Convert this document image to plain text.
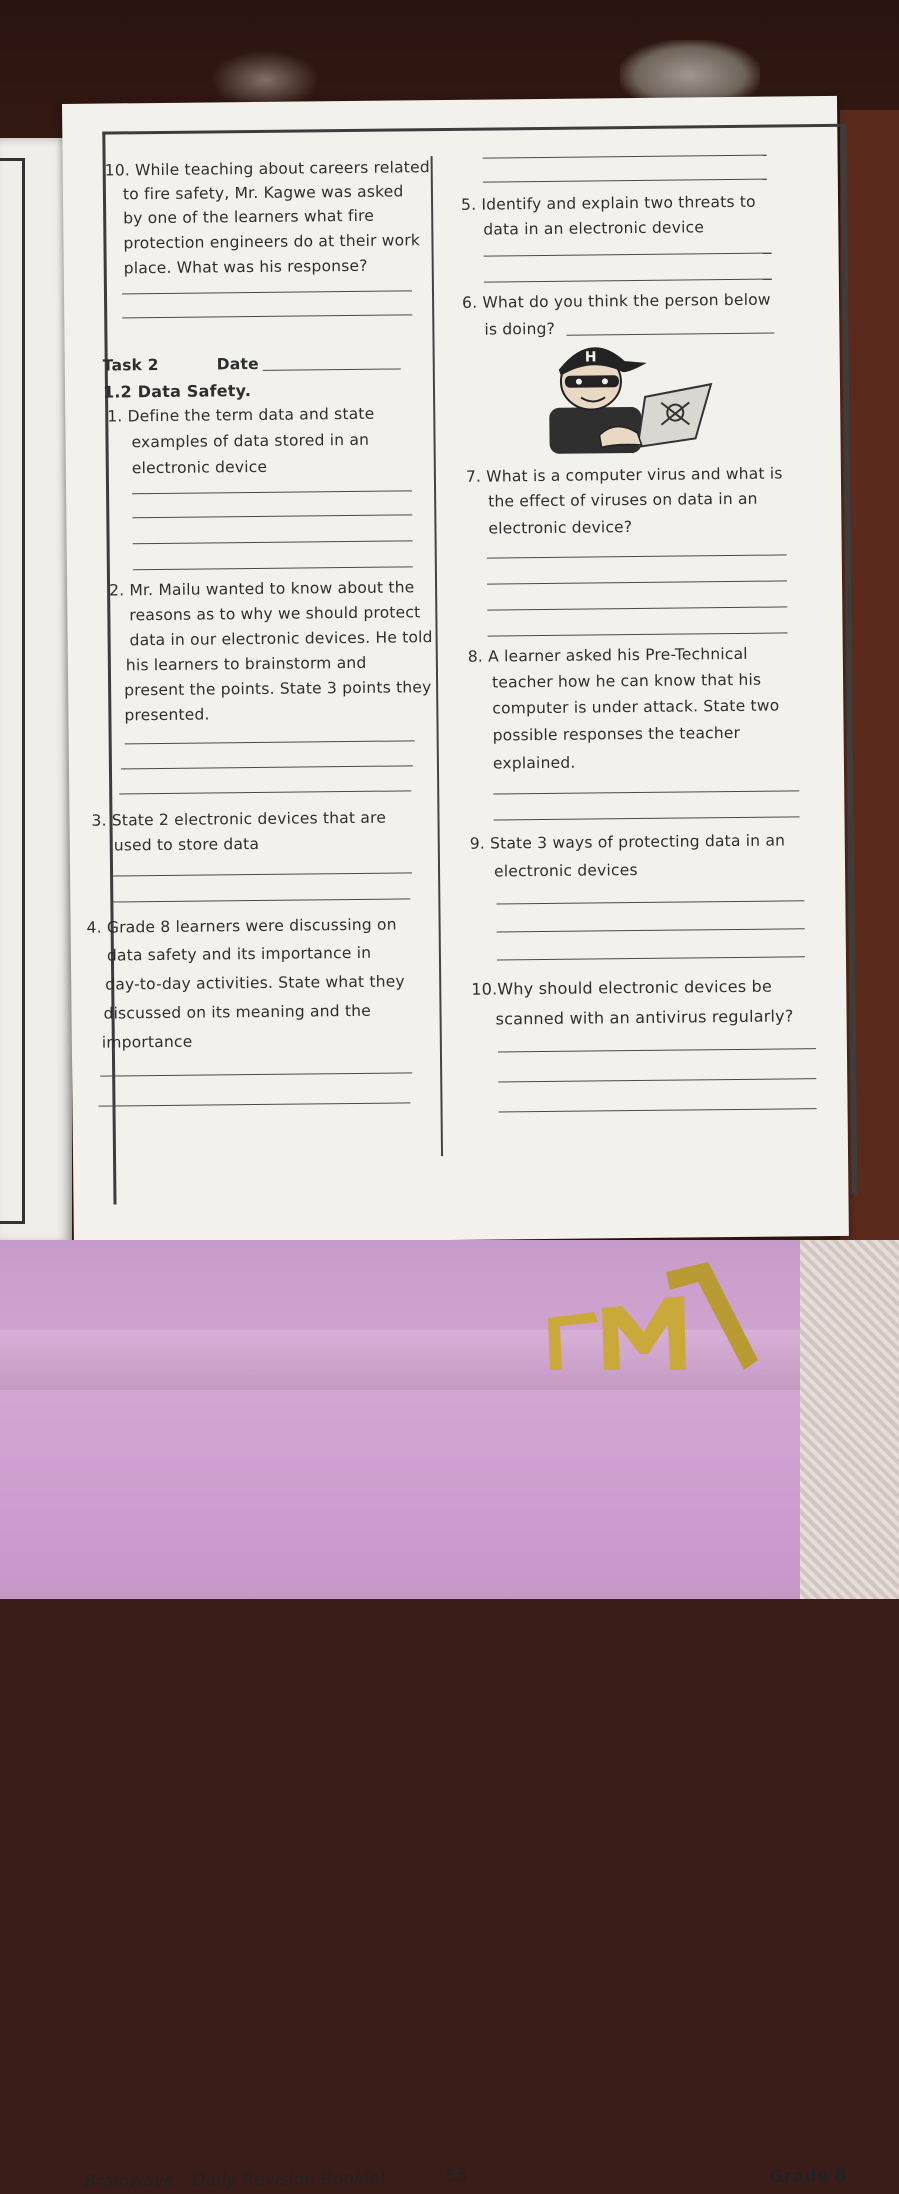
10. While teaching about careers related
to fire safety, Mr. Kagwe was asked
by one of the learners what fire
protection engineers do at their work
place. What was his response?
Task 2	Date
1.2 Data Safety.
1. Define the term data and state
examples of data stored in an
electronic device
2. Mr. Mailu wanted to know about the
reasons as to why we should protect
data in our electronic devices. He told
his learners to brainstorm and
present the points. State 3 points they
presented.
3. State 2 electronic devices that are
used to store data
4. Grade 8 learners were discussing on
data safety and its importance in
day-to-day activities. State what they
discussed on its meaning and the
importance
5. Identify and explain two threats to
data in an electronic device
6. What do you think the person below
is doing?
H
7. What is a computer virus and what is
the effect of viruses on data in an
electronic device?
8. A learner asked his Pre-Technical
teacher how he can know that his
computer is under attack. State two
possible responses the teacher
explained.
9. State 3 ways of protecting data in an
electronic devices
10.Why should electronic devices be
scanned with an antivirus regularly?
Brainwave - Daily Revision Booklet	55	Grade 8
